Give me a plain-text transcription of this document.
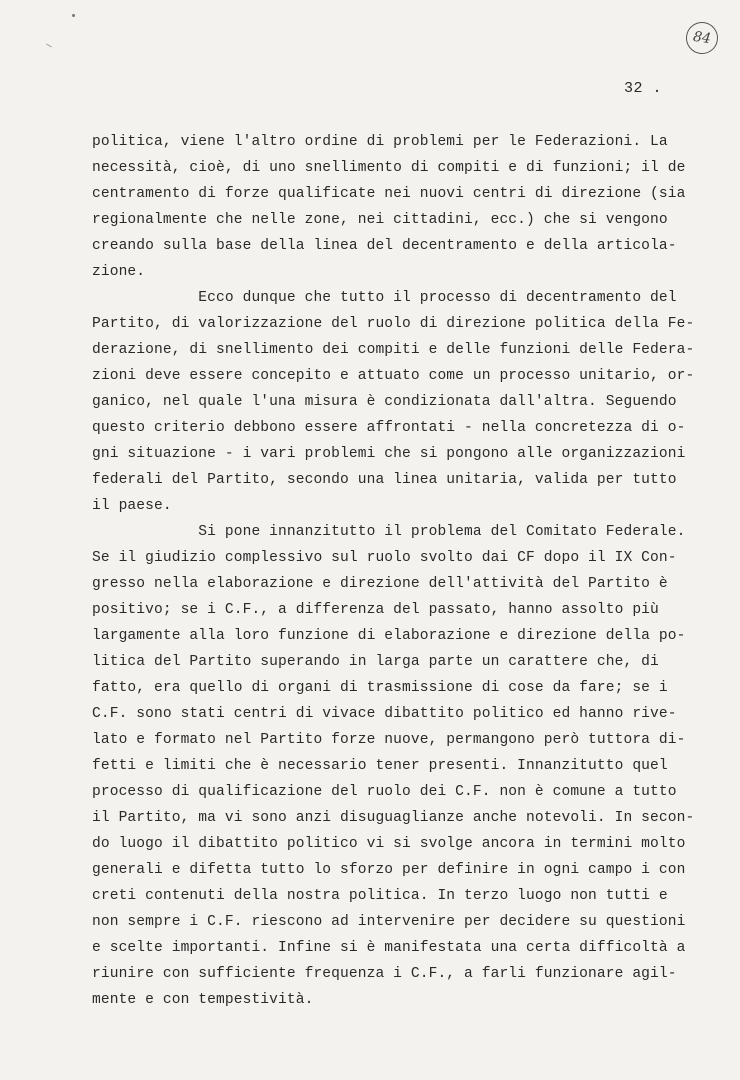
84
32 .
politica, viene l'altro ordine di problemi per le Federazioni. La
necessità, cioè, di uno snellimento di compiti e di funzioni; il de
centramento di forze qualificate nei nuovi centri di direzione (sia
regionalmente che nelle zone, nei cittadini, ecc.) che si vengono
creando sulla base della linea del decentramento e della articola-
zione.
Ecco dunque che tutto il processo di decentramento del
Partito, di valorizzazione del ruolo di direzione politica della Fe-
derazione, di snellimento dei compiti e delle funzioni delle Federa-
zioni deve essere concepito e attuato come un processo unitario, or-
ganico, nel quale l'una misura è condizionata dall'altra. Seguendo
questo criterio debbono essere affrontati - nella concretezza di o-
gni situazione - i vari problemi che si pongono alle organizzazioni
federali del Partito, secondo una linea unitaria, valida per tutto
il paese.
Si pone innanzitutto il problema del Comitato Federale.
Se il giudizio complessivo sul ruolo svolto dai CF dopo il IX Con-
gresso nella elaborazione e direzione dell'attività del Partito è
positivo; se i C.F., a differenza del passato, hanno assolto più
largamente alla loro funzione di elaborazione e direzione della po-
litica del Partito superando in larga parte un carattere che, di
fatto, era quello di organi di trasmissione di cose da fare; se i
C.F. sono stati centri di vivace dibattito politico ed hanno rive-
lato e formato nel Partito forze nuove, permangono però tuttora di-
fetti e limiti che è necessario tener presenti. Innanzitutto quel
processo di qualificazione del ruolo dei C.F. non è comune a tutto
il Partito, ma vi sono anzi disuguaglianze anche notevoli. In secon-
do luogo il dibattito politico vi si svolge ancora in termini molto
generali e difetta tutto lo sforzo per definire in ogni campo i con
creti contenuti della nostra politica. In terzo luogo non tutti e
non sempre i C.F. riescono ad intervenire per decidere su questioni
e scelte importanti. Infine si è manifestata una certa difficoltà a
riunire con sufficiente frequenza i C.F., a farli funzionare agil-
mente e con tempestività.
